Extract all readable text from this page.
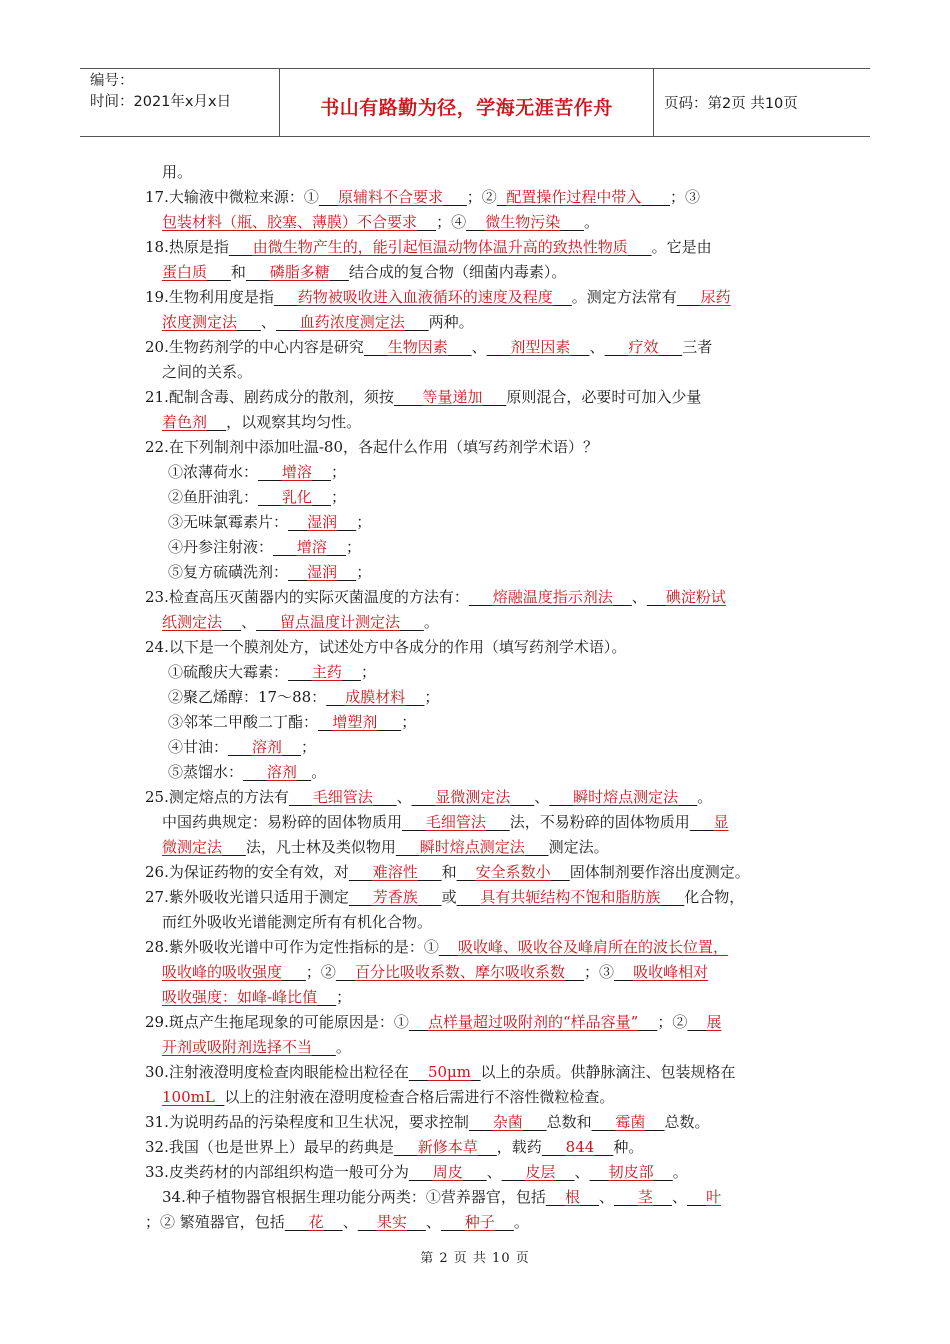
编号：
时间：2021年x月x日	书山有路勤为径，学海无涯苦作舟	页码：第2页 共10页
用。
17.大输液中微粒来源：① 原辅料不合要求 ；② 配置操作过程中带入 ；③
包装材料（瓶、胶塞、薄膜）不合要求 ；④ 微生物污染 。
18.热原是指 由微生物产生的，能引起恒温动物体温升高的致热性物质 。它是由
蛋白质 和 磷脂多糖 结合成的复合物（细菌内毒素）。
19.生物利用度是指 药物被吸收进入血液循环的速度及程度 。测定方法常有 尿药
浓度测定法 、 血药浓度测定法 两种。
20.生物药剂学的中心内容是研究 生物因素 、 剂型因素 、 疗效 三者
之间的关系。
21.配制含毒、剧药成分的散剂，须按 等量递加 原则混合，必要时可加入少量
着色剂 ，以观察其均匀性。
22.在下列制剂中添加吐温-80，各起什么作用（填写药剂学术语）？
①浓薄荷水： 增溶 ；
②鱼肝油乳： 乳化 ；
③无味氯霉素片： 湿润 ；
④丹参注射液： 增溶 ；
⑤复方硫磺洗剂： 湿润 ；
23.检查高压灭菌器内的实际灭菌温度的方法有： 熔融温度指示剂法 、 碘淀粉试
纸测定法 、 留点温度计测定法 。
24.以下是一个膜剂处方，试述处方中各成分的作用（填写药剂学术语）。
①硫酸庆大霉素： 主药 ；
②聚乙烯醇：17～88： 成膜材料 ；
③邻苯二甲酸二丁酯： 增塑剂 ；
④甘油： 溶剂 ；
⑤蒸馏水： 溶剂 。
25.测定熔点的方法有 毛细管法 、 显微测定法 、 瞬时熔点测定法 。
中国药典规定：易粉碎的固体物质用 毛细管法 法，不易粉碎的固体物质用 显
微测定法 法，凡士林及类似物用 瞬时熔点测定法 测定法。
26.为保证药物的安全有效，对 难溶性 和 安全系数小 固体制剂要作溶出度测定。
27.紫外吸收光谱只适用于测定 芳香族 或 具有共轭结构不饱和脂肪族 化合物，
而红外吸收光谱能测定所有有机化合物。
28.紫外吸收光谱中可作为定性指标的是：① 吸收峰、吸收谷及峰肩所在的波长位置，
吸收峰的吸收强度 ；② 百分比吸收系数、摩尔吸收系数 ；③ 吸收峰相对
吸收强度：如峰-峰比值 ；
29.斑点产生拖尾现象的可能原因是：① 点样量超过吸附剂的“样品容量” ；② 展
开剂或吸附剂选择不当 。
30.注射液澄明度检查肉眼能检出粒径在 50μm 以上的杂质。供静脉滴注、包装规格在
100mL 以上的注射液在澄明度检查合格后需进行不溶性微粒检查。
31.为说明药品的污染程度和卫生状况，要求控制 杂菌 总数和 霉菌 总数。
32.我国（也是世界上）最早的药典是 新修本草 ，载药 844 种。
33.皮类药材的内部组织构造一般可分为 周皮 、 皮层 、 韧皮部 。
34.种子植物器官根据生理功能分两类：①营养器官，包括 根 、 茎 、 叶
；② 繁殖器官，包括 花 、 果实 、 种子 。
第 2 页 共 10 页
